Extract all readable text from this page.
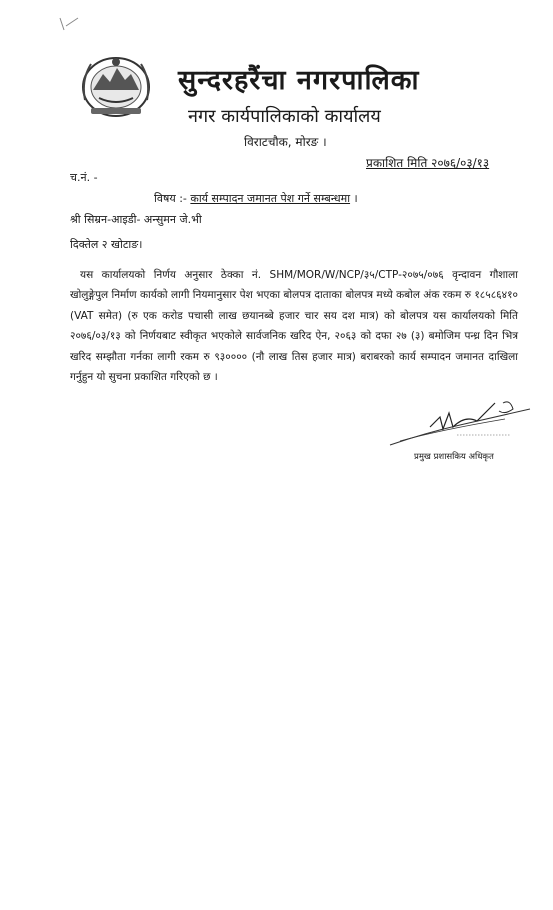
सुन्दरहरैंचा नगरपालिका
नगर कार्यपालिकाको कार्यालय
विराटचौक, मोरङ ।
प्रकाशित मिति २०७६/०३/१३
च.नं. -
विषय :- कार्य सम्पादन जमानत पेश गर्ने सम्बन्धमा ।
श्री सिम्रन-आइडी- अन्सुमन जे.भी
दिक्तेल २ खोटाङ।
यस कार्यालयको निर्णय अनुसार ठेक्का नं. SHM/MOR/W/NCP/३५/CTP-२०७५/०७६ वृन्दावन गौशाला खोलुङ्गेपुल निर्माण कार्यको लागी नियमानुसार पेश भएका बोलपत्र दाताका बोलपत्र मध्ये कबोल अंक रकम रु १८५८६४१० (VAT समेत) (रु एक करोड पचासी लाख छयानब्बे हजार चार सय दश मात्र) को बोलपत्र यस कार्यालयको मिति २०७६/०३/१३ को निर्णयबाट स्वीकृत भएकोले सार्वजनिक खरिद ऐन, २०६३ को दफा २७ (३) बमोजिम पन्ध्र दिन भित्र खरिद सम्झौता गर्नका लागी रकम रु ९३०००० (नौ लाख तिस हजार मात्र) बराबरको कार्य सम्पादन जमानत दाखिला गर्नुहुन यो सुचना प्रकाशित गरिएको छ ।
प्रमुख प्रशासकिय अधिकृत
